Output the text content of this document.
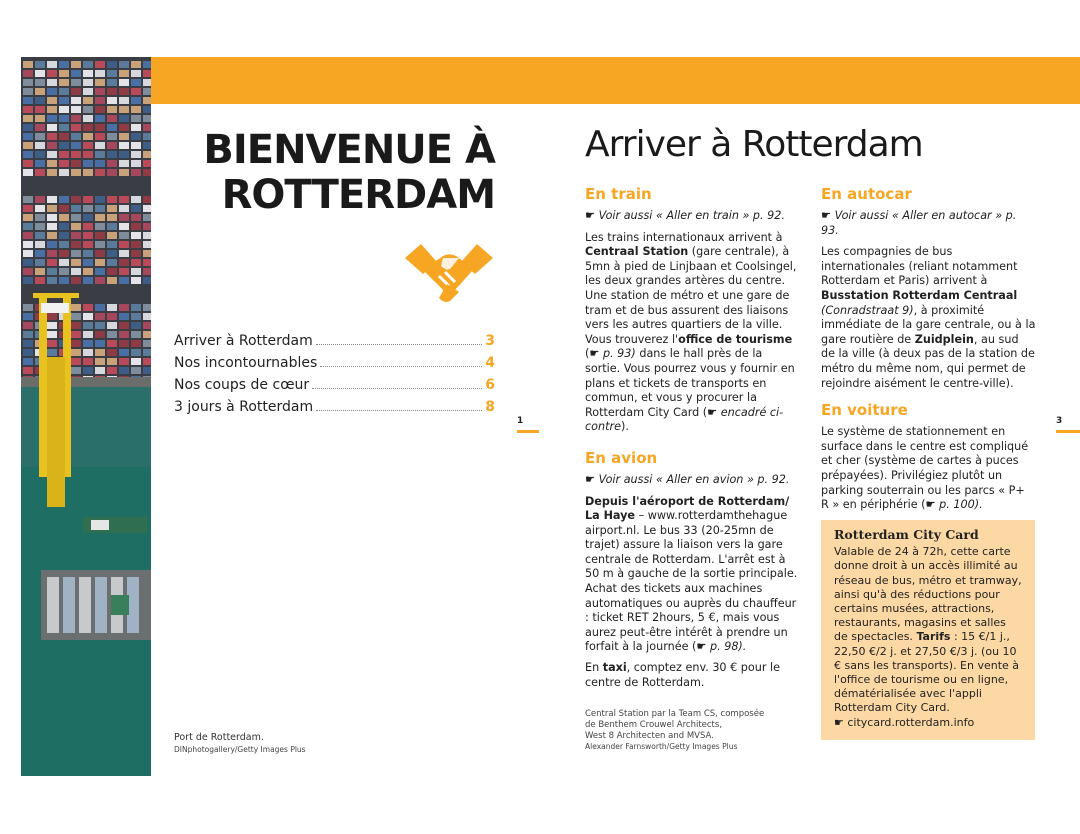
BIENVENUE À
ROTTERDAM
Arriver à Rotterdam	3
Nos incontournables	4
Nos coups de cœur	6
3 jours à Rotterdam	8
1
Port de Rotterdam.
DINphotogallery/Getty Images Plus
Arriver à Rotterdam
3
En train

☛ Voir aussi « Aller en train » p. 92.

Les trains internationaux arrivent à Centraal Station (gare centrale), à 5mn à pied de Linjbaan et Coolsingel, les deux grandes artères du centre. Une station de métro et une gare de tram et de bus assurent des liaisons vers les autres quartiers de la ville. Vous trouverez l'office de tourisme (☛ p. 93) dans le hall près de la sortie. Vous pourrez vous y fournir en plans et tickets de transports en commun, et vous y procurer la Rotterdam City Card (☛ encadré ci-contre).

En avion

☛ Voir aussi « Aller en avion » p. 92.

Depuis l'aéroport de Rotterdam/ La Haye – www.rotterdamthehague airport.nl. Le bus 33 (20-25mn de trajet) assure la liaison vers la gare centrale de Rotterdam. L'arrêt est à 50 m à gauche de la sortie principale. Achat des tickets aux machines automatiques ou auprès du chauffeur : ticket RET 2hours, 5 €, mais vous aurez peut-être intérêt à prendre un forfait à la journée (☛ p. 98).

En taxi, comptez env. 30 € pour le centre de Rotterdam.

En autocar

☛ Voir aussi « Aller en autocar » p. 93.

Les compagnies de bus internationales (reliant notamment Rotterdam et Paris) arrivent à Busstation Rotterdam Centraal (Conradstraat 9), à proximité immédiate de la gare centrale, ou à la gare routière de Zuidplein, au sud de la ville (à deux pas de la station de métro du même nom, qui permet de rejoindre aisément le centre-ville).

En voiture

Le système de stationnement en surface dans le centre est compliqué et cher (système de cartes à puces prépayées). Privilégiez plutôt un parking souterrain ou les parcs « P+ R » en périphérie (☛ p. 100).

Rotterdam City Card
Valable de 24 à 72h, cette carte donne droit à un accès illimité au réseau de bus, métro et tramway, ainsi qu'à des réductions pour certains musées, attractions, restaurants, magasins et salles de spectacles. Tarifs : 15 €/1 j., 22,50 €/2 j. et 27,50 €/3 j. (ou 10 € sans les transports). En vente à l'office de tourisme ou en ligne, dématérialisée avec l'appli Rotterdam City Card.
☛ citycard.rotterdam.info
Central Station par la Team CS, composée
de Benthem Crouwel Architects,
West 8 Architecten and MVSA.
Alexander Farnsworth/Getty Images Plus
